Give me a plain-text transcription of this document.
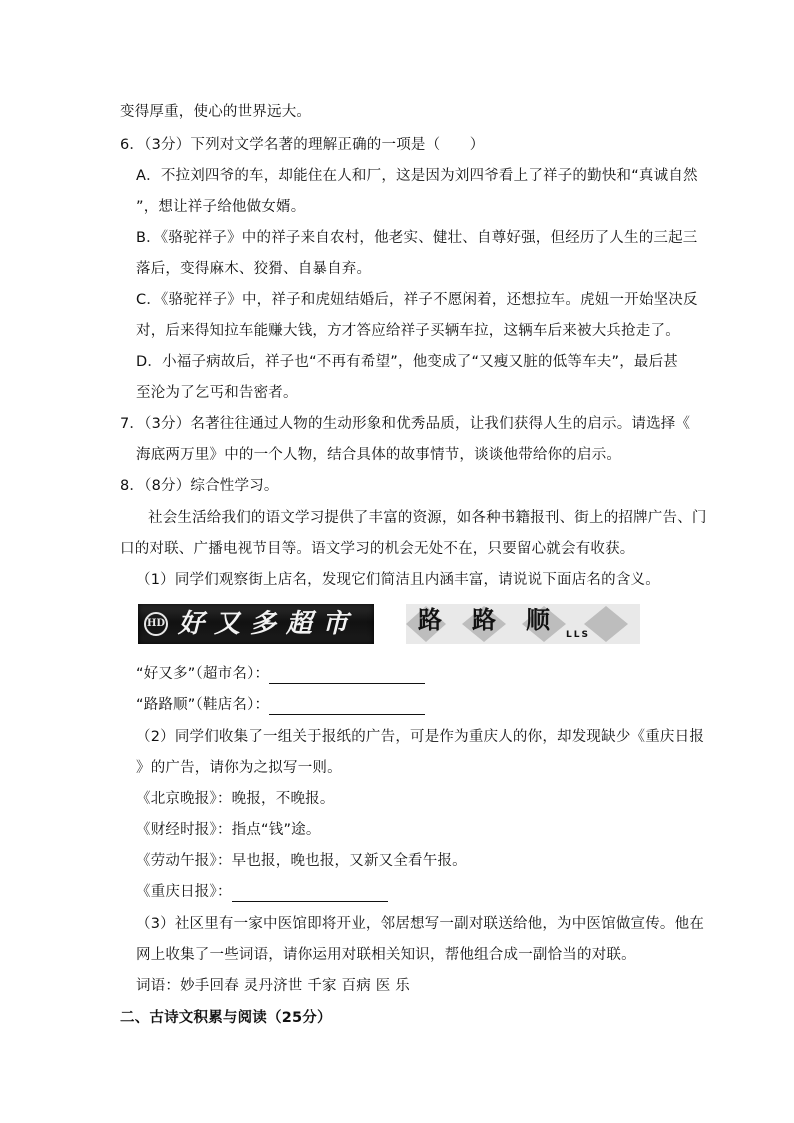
变得厚重，使心的世界远大。
6．（3分）下列对文学名著的理解正确的一项是（　　）
A．不拉刘四爷的车，却能住在人和厂，这是因为刘四爷看上了祥子的勤快和“真诚自然
”，想让祥子给他做女婿。
B．《骆驼祥子》中的祥子来自农村，他老实、健壮、自尊好强，但经历了人生的三起三
落后，变得麻木、狡猾、自暴自弃。
C．《骆驼祥子》中，祥子和虎妞结婚后，祥子不愿闲着，还想拉车。虎妞一开始坚决反
对，后来得知拉车能赚大钱，方才答应给祥子买辆车拉，这辆车后来被大兵抢走了。
D．小福子病故后，祥子也“不再有希望”，他变成了“又瘦又脏的低等车夫”，最后甚
至沦为了乞丐和告密者。
7．（3分）名著往往通过人物的生动形象和优秀品质，让我们获得人生的启示。请选择《
海底两万里》中的一个人物，结合具体的故事情节，谈谈他带给你的启示。
8．（8分）综合性学习。
社会生活给我们的语文学习提供了丰富的资源，如各种书籍报刊、街上的招牌广告、门
口的对联、广播电视节目等。语文学习的机会无处不在，只要留心就会有收获。
（1）同学们观察街上店名，发现它们简洁且内涵丰富，请说说下面店名的含义。
HD 好又多超市 路路顺
LLS
“好又多”（超市名）：
“路路顺”（鞋店名）：
（2）同学们收集了一组关于报纸的广告，可是作为重庆人的你，却发现缺少《重庆日报
》的广告，请你为之拟写一则。
《北京晚报》：晚报，不晚报。
《财经时报》：指点“钱”途。
《劳动午报》：早也报，晚也报，又新又全看午报。
《重庆日报》：
（3）社区里有一家中医馆即将开业，邻居想写一副对联送给他，为中医馆做宣传。他在
网上收集了一些词语，请你运用对联相关知识，帮他组合成一副恰当的对联。
词语：妙手回春 灵丹济世 千家 百病 医 乐
二、古诗文积累与阅读（25分）
